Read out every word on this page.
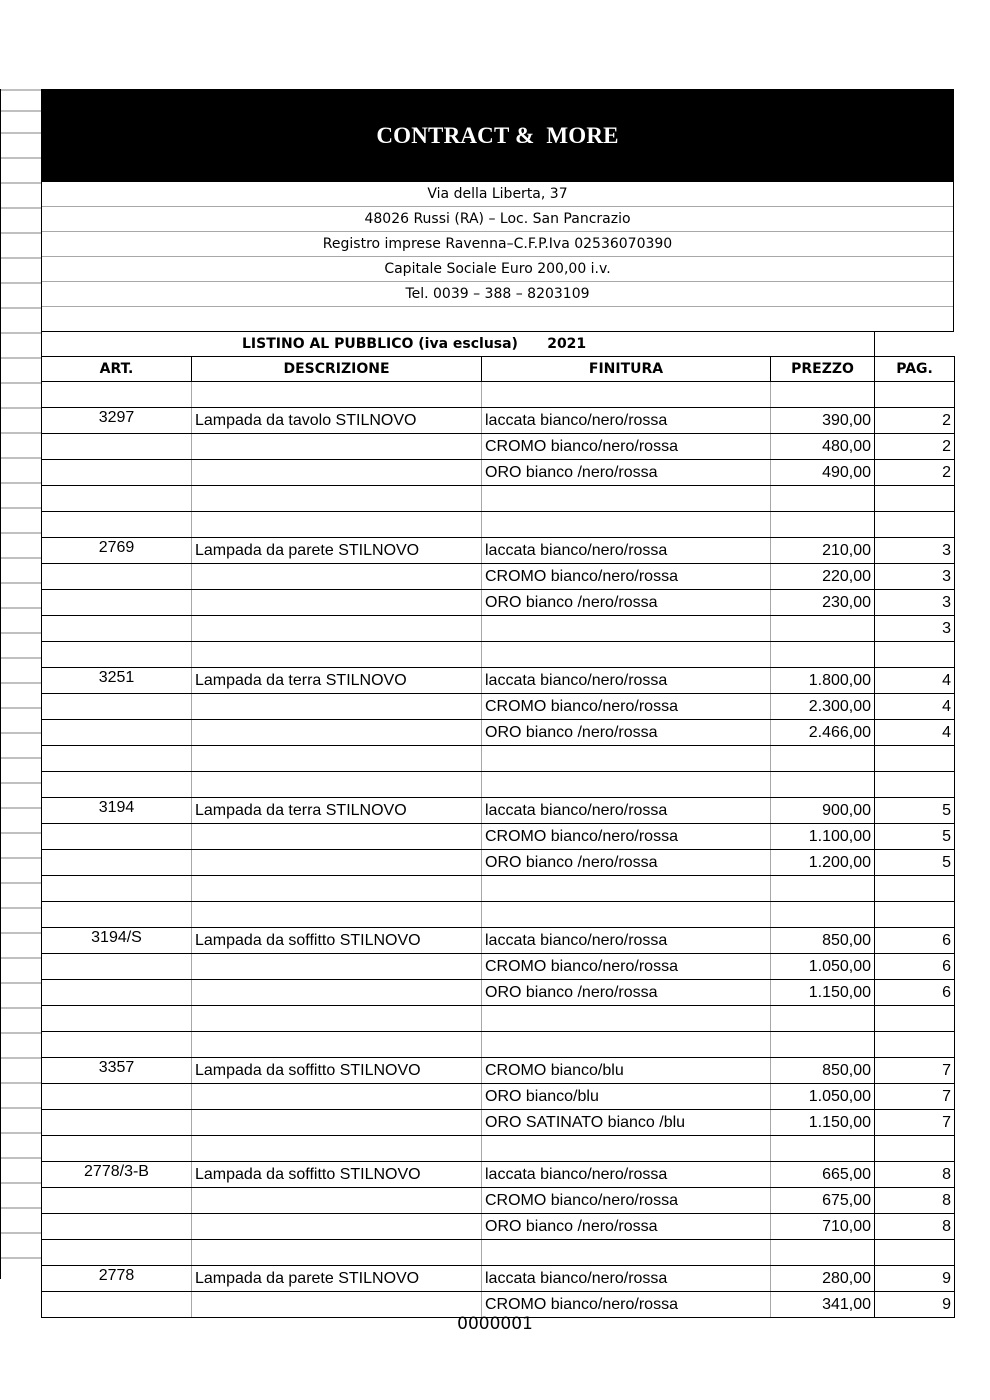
CONTRACT &  MORE
Via della Liberta, 37
48026 Russi (RA) – Loc. San Pancrazio
Registro imprese Ravenna–C.F.P.Iva 02536070390
Capitale Sociale Euro 200,00 i.v.
Tel. 0039 – 388 – 8203109
LISTINO AL PUBBLICO (iva esclusa)      2021				
ART.	DESCRIZIONE	FINITURA	PREZZO	PAG.

3297	Lampada da tavolo STILNOVO	laccata bianco/nero/rossa	390,00	2
		CROMO bianco/nero/rossa	480,00	2
		ORO bianco /nero/rossa	490,00	2

2769	Lampada da parete STILNOVO	laccata bianco/nero/rossa	210,00	3
		CROMO bianco/nero/rossa	220,00	3
		ORO bianco /nero/rossa	230,00	3
				3

3251	Lampada da terra STILNOVO	laccata bianco/nero/rossa	1.800,00	4
		CROMO bianco/nero/rossa	2.300,00	4
		ORO bianco /nero/rossa	2.466,00	4

3194	Lampada da terra STILNOVO	laccata bianco/nero/rossa	900,00	5
		CROMO bianco/nero/rossa	1.100,00	5
		ORO bianco /nero/rossa	1.200,00	5

3194/S	Lampada da soffitto STILNOVO	laccata bianco/nero/rossa	850,00	6
		CROMO bianco/nero/rossa	1.050,00	6
		ORO bianco /nero/rossa	1.150,00	6

3357	Lampada da soffitto STILNOVO	CROMO bianco/blu	850,00	7
		ORO bianco/blu	1.050,00	7
		ORO SATINATO bianco /blu	1.150,00	7

2778/3-B	Lampada da soffitto STILNOVO	laccata bianco/nero/rossa	665,00	8
		CROMO bianco/nero/rossa	675,00	8
		ORO bianco /nero/rossa	710,00	8

2778	Lampada da parete STILNOVO	laccata bianco/nero/rossa	280,00	9
		CROMO bianco/nero/rossa	341,00	9
0000001
